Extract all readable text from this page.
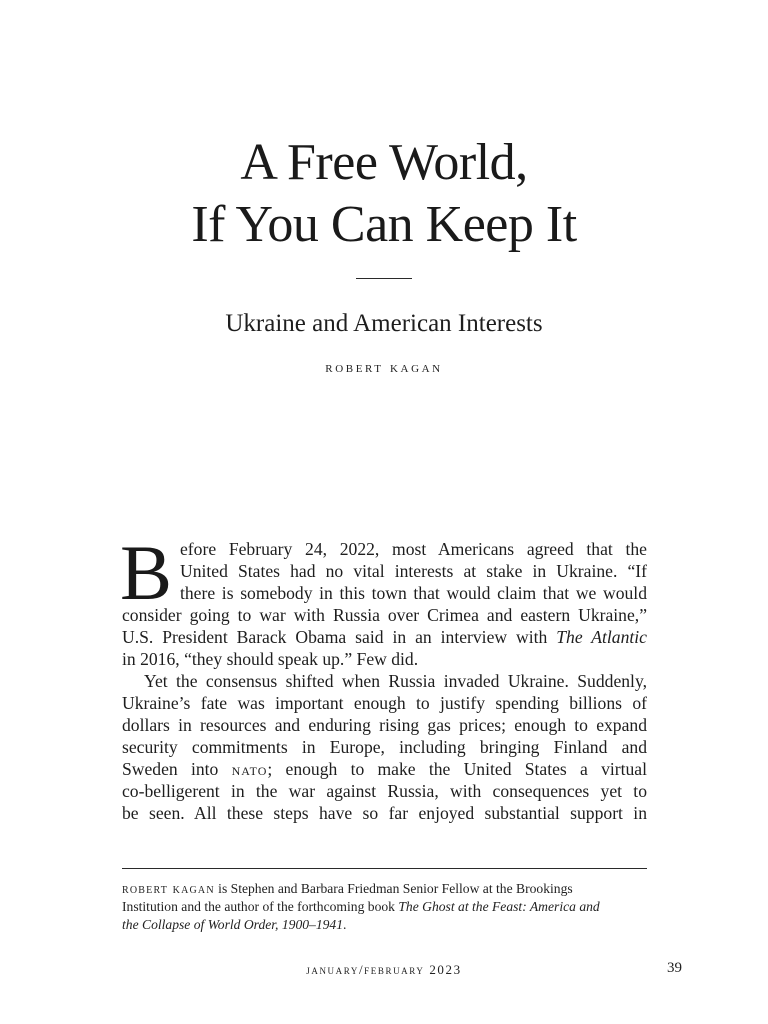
A Free World,
If You Can Keep It
Ukraine and American Interests
robert kagan
B efore February 24, 2022, most Americans agreed that the
United States had no vital interests at stake in Ukraine. “If
there is somebody in this town that would claim that we would
consider going to war with Russia over Crimea and eastern Ukraine,”
U.S. President Barack Obama said in an interview with The Atlantic
in 2016, “they should speak up.” Few did.
Yet the consensus shifted when Russia invaded Ukraine. Suddenly,
Ukraine’s fate was important enough to justify spending billions of
dollars in resources and enduring rising gas prices; enough to expand
security commitments in Europe, including bringing Finland and
Sweden into nato; enough to make the United States a virtual
co-belligerent in the war against Russia, with consequences yet to
be seen. All these steps have so far enjoyed substantial support in
robert kagan is Stephen and Barbara Friedman Senior Fellow at the Brookings
Institution and the author of the forthcoming book The Ghost at the Feast: America and
the Collapse of World Order, 1900–1941.
january/february 2023	39
